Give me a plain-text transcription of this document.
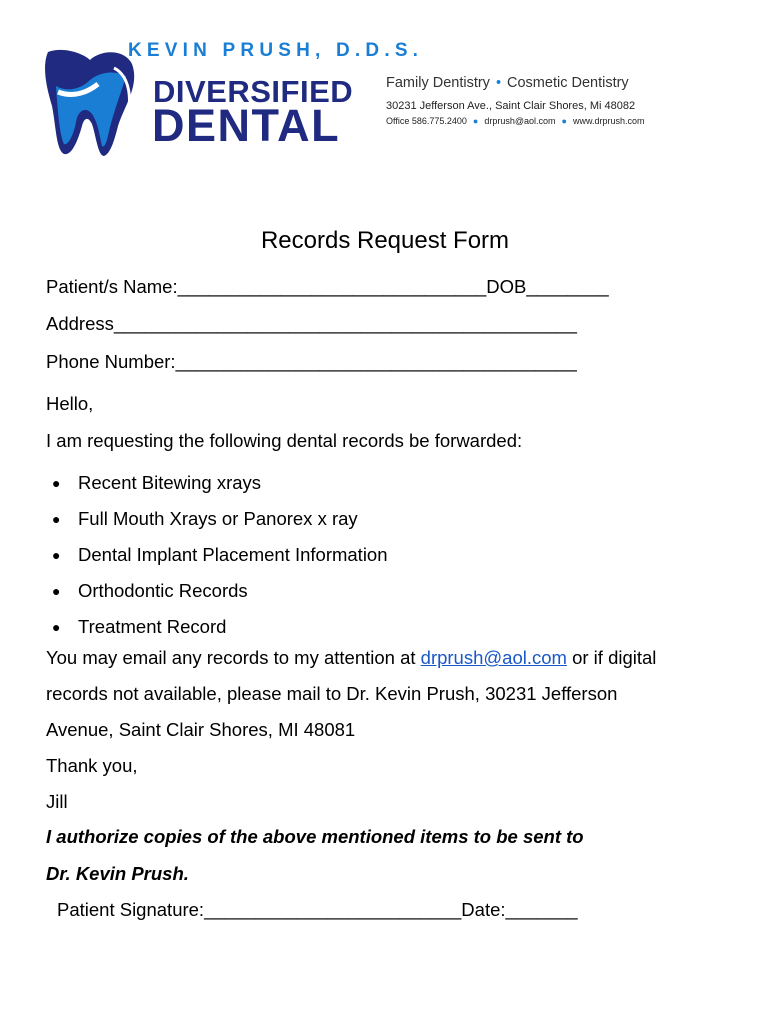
KEVIN PRUSH, D.D.S.
DIVERSIFIED
DENTAL
Family Dentistry • Cosmetic Dentistry
30231 Jefferson Ave., Saint Clair Shores, Mi 48082
Office 586.775.2400 ● drprush@aol.com ● www.drprush.com
Records Request Form
Patient/s Name:______________________________DOB________
Address_____________________________________________
Phone Number:_______________________________________
Hello,
I am requesting the following dental records be forwarded:
● Recent Bitewing xrays
● Full Mouth Xrays or Panorex x ray
● Dental Implant Placement Information
● Orthodontic Records
● Treatment Record
You may email any records to my attention at drprush@aol.com or if digital
records not available, please mail to Dr. Kevin Prush, 30231 Jefferson
Avenue, Saint Clair Shores, MI 48081
Thank you,
Jill
I authorize copies of the above mentioned items to be sent to
Dr. Kevin Prush.
Patient Signature:_________________________Date:_______
